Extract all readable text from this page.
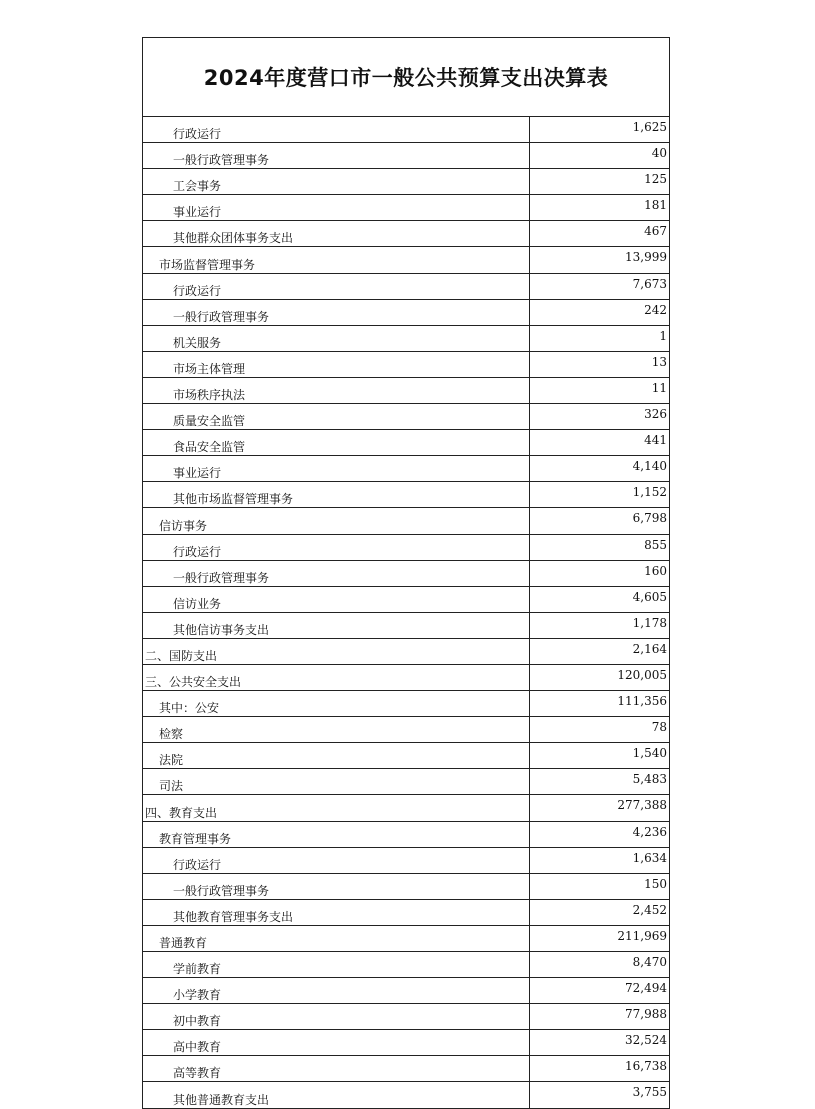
2024年度营口市一般公共预算支出决算表
行政运行	1,625
一般行政管理事务	40
工会事务	125
事业运行	181
其他群众团体事务支出	467
市场监督管理事务	13,999
行政运行	7,673
一般行政管理事务	242
机关服务	1
市场主体管理	13
市场秩序执法	11
质量安全监管	326
食品安全监管	441
事业运行	4,140
其他市场监督管理事务	1,152
信访事务	6,798
行政运行	855
一般行政管理事务	160
信访业务	4,605
其他信访事务支出	1,178
二、国防支出	2,164
三、公共安全支出	120,005
其中：公安	111,356
检察	78
法院	1,540
司法	5,483
四、教育支出	277,388
教育管理事务	4,236
行政运行	1,634
一般行政管理事务	150
其他教育管理事务支出	2,452
普通教育	211,969
学前教育	8,470
小学教育	72,494
初中教育	77,988
高中教育	32,524
高等教育	16,738
其他普通教育支出	3,755
